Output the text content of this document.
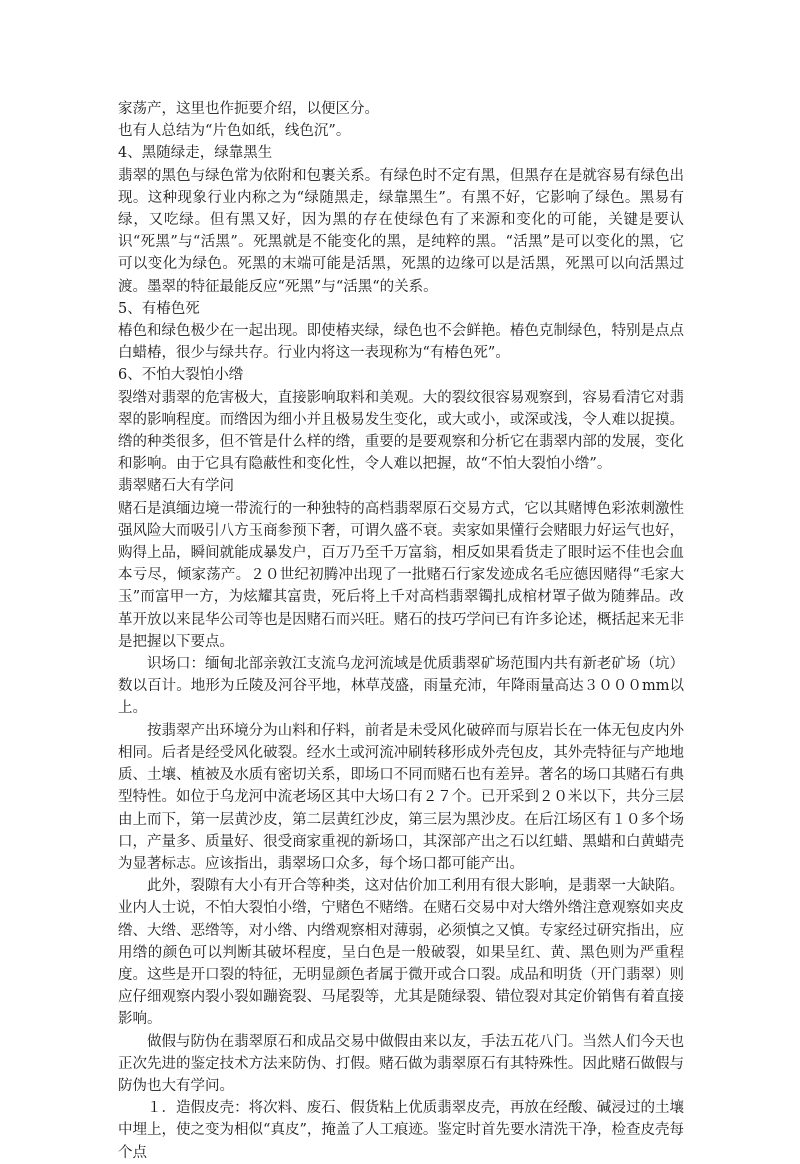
家荡产，这里也作扼要介绍，以便区分。

也有人总结为“片色如纸，线色沉”。

4、黑随绿走，绿靠黑生

翡翠的黑色与绿色常为依附和包裹关系。有绿色时不定有黑，但黑存在是就容易有绿色出现。这种现象行业内称之为“绿随黑走，绿靠黑生”。有黑不好，它影响了绿色。黑易有绿，又吃绿。但有黑又好，因为黑的存在使绿色有了来源和变化的可能，关键是要认识“死黑”与“活黑”。死黑就是不能变化的黑，是纯粹的黑。“活黑”是可以变化的黑，它可以变化为绿色。死黑的末端可能是活黑，死黑的边缘可以是活黑，死黑可以向活黑过渡。墨翠的特征最能反应“死黑”与“活黑“的关系。

5、有椿色死

椿色和绿色极少在一起出现。即使椿夹绿，绿色也不会鲜艳。椿色克制绿色，特别是点点白蜡椿，很少与绿共存。行业内将这一表现称为“有椿色死”。

6、不怕大裂怕小绺

裂绺对翡翠的危害极大，直接影响取料和美观。大的裂纹很容易观察到，容易看清它对翡翠的影响程度。而绺因为细小并且极易发生变化，或大或小，或深或浅，令人难以捉摸。绺的种类很多，但不管是什么样的绺，重要的是要观察和分析它在翡翠内部的发展，变化和影响。由于它具有隐蔽性和变化性，令人难以把握，故“不怕大裂怕小绺”。

翡翠赌石大有学问

赌石是滇缅边境一带流行的一种独特的高档翡翠原石交易方式，它以其赌博色彩浓刺激性强风险大而吸引八方玉商参预下奢，可谓久盛不衰。卖家如果懂行会赌眼力好运气也好，购得上品，瞬间就能成暴发户，百万乃至千万富翁，相反如果看货走了眼时运不佳也会血本亏尽，倾家荡产。２０世纪初腾冲出现了一批赌石行家发迹成名毛应德因赌得“毛家大玉”而富甲一方，为炫耀其富贵，死后将上千对高档翡翠镯扎成棺材罩子做为随葬品。改革开放以来昆华公司等也是因赌石而兴旺。赌石的技巧学问已有许多论述，概括起来无非是把握以下要点。

识场口：缅甸北部亲敦江支流乌龙河流域是优质翡翠矿场范围内共有新老矿场（坑）数以百计。地形为丘陵及河谷平地，林草茂盛，雨量充沛，年降雨量高达３０００mm以上。

按翡翠产出环境分为山料和仔料，前者是未受风化破碎而与原岩长在一体无包皮内外相同。后者是经受风化破裂。经水土或河流冲刷转移形成外壳包皮，其外壳特征与产地地质、土壤、植被及水质有密切关系，即场口不同而赌石也有差异。著名的场口其赌石有典型特性。如位于乌龙河中流老场区其中大场口有２７个。已开采到２０米以下，共分三层由上而下，第一层黄沙皮，第二层黄红沙皮，第三层为黑沙皮。在后江场区有１０多个场口，产量多、质量好、很受商家重视的新场口，其深部产出之石以红蜡、黑蜡和白黄蜡壳为显著标志。应该指出，翡翠场口众多，每个场口都可能产出。

此外，裂隙有大小有开合等种类，这对估价加工利用有很大影响，是翡翠一大缺陷。业内人士说，不怕大裂怕小绺，宁赌色不赌绺。在赌石交易中对大绺外绺注意观察如夹皮绺、大绺、恶绺等，对小绺、内绺观察相对薄弱，必须慎之又慎。专家经过研究指出，应用绺的颜色可以判断其破坏程度，呈白色是一般破裂，如果呈红、黄、黑色则为严重程度。这些是开口裂的特征，无明显颜色者属于微开或合口裂。成品和明货（开门翡翠）则应仔细观察内裂小裂如蹦瓷裂、马尾裂等，尤其是随绿裂、错位裂对其定价销售有着直接影响。

做假与防伪在翡翠原石和成品交易中做假由来以友，手法五花八门。当然人们今天也正次先进的鉴定技术方法来防伪、打假。赌石做为翡翠原石有其特殊性。因此赌石做假与防伪也大有学问。

１．造假皮壳：将次料、废石、假货粘上优质翡翠皮壳，再放在经酸、碱浸过的土壤中埋上，使之变为相似“真皮”，掩盖了人工痕迹。鉴定时首先要水清洗干净，检查皮壳每个点
